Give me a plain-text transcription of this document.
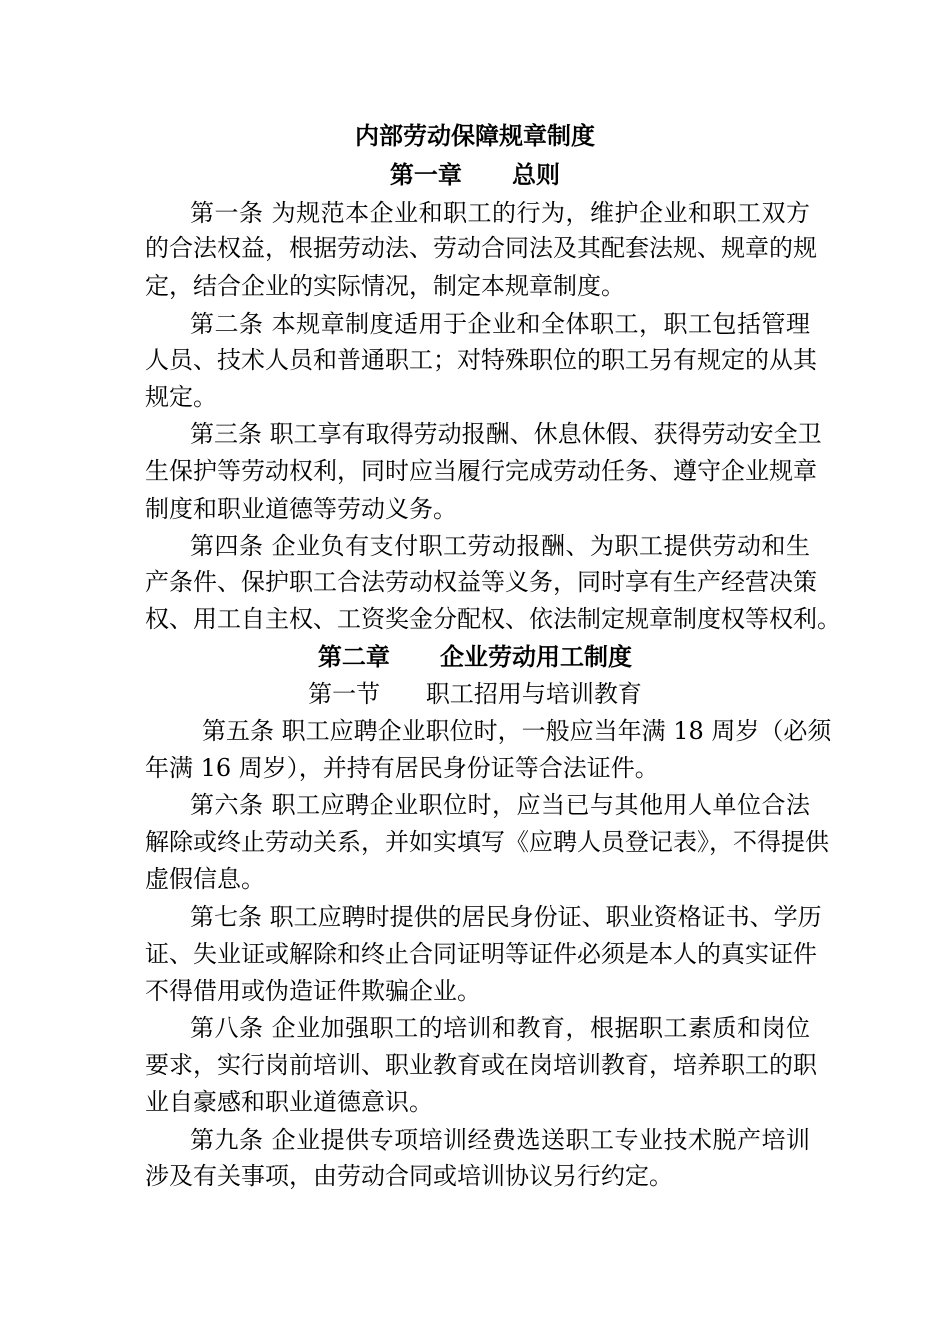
内部劳动保障规章制度
第一章      总则
第一条 为规范本企业和职工的行为，维护企业和职工双方
的合法权益，根据劳动法、劳动合同法及其配套法规、规章的规
定，结合企业的实际情况，制定本规章制度。
第二条 本规章制度适用于企业和全体职工，职工包括管理
人员、技术人员和普通职工；对特殊职位的职工另有规定的从其
规定。
第三条 职工享有取得劳动报酬、休息休假、获得劳动安全卫
生保护等劳动权利，同时应当履行完成劳动任务、遵守企业规章
制度和职业道德等劳动义务。
第四条 企业负有支付职工劳动报酬、为职工提供劳动和生
产条件、保护职工合法劳动权益等义务，同时享有生产经营决策
权、用工自主权、工资奖金分配权、依法制定规章制度权等权利。
第二章      企业劳动用工制度
第一节      职工招用与培训教育
第五条 职工应聘企业职位时，一般应当年满 18 周岁（必须
年满 16 周岁），并持有居民身份证等合法证件。
第六条 职工应聘企业职位时，应当已与其他用人单位合法
解除或终止劳动关系，并如实填写《应聘人员登记表》，不得提供
虚假信息。
第七条 职工应聘时提供的居民身份证、职业资格证书、学历
证、失业证或解除和终止合同证明等证件必须是本人的真实证件
不得借用或伪造证件欺骗企业。
第八条 企业加强职工的培训和教育，根据职工素质和岗位
要求，实行岗前培训、职业教育或在岗培训教育，培养职工的职
业自豪感和职业道德意识。
第九条 企业提供专项培训经费选送职工专业技术脱产培训
涉及有关事项，由劳动合同或培训协议另行约定。
